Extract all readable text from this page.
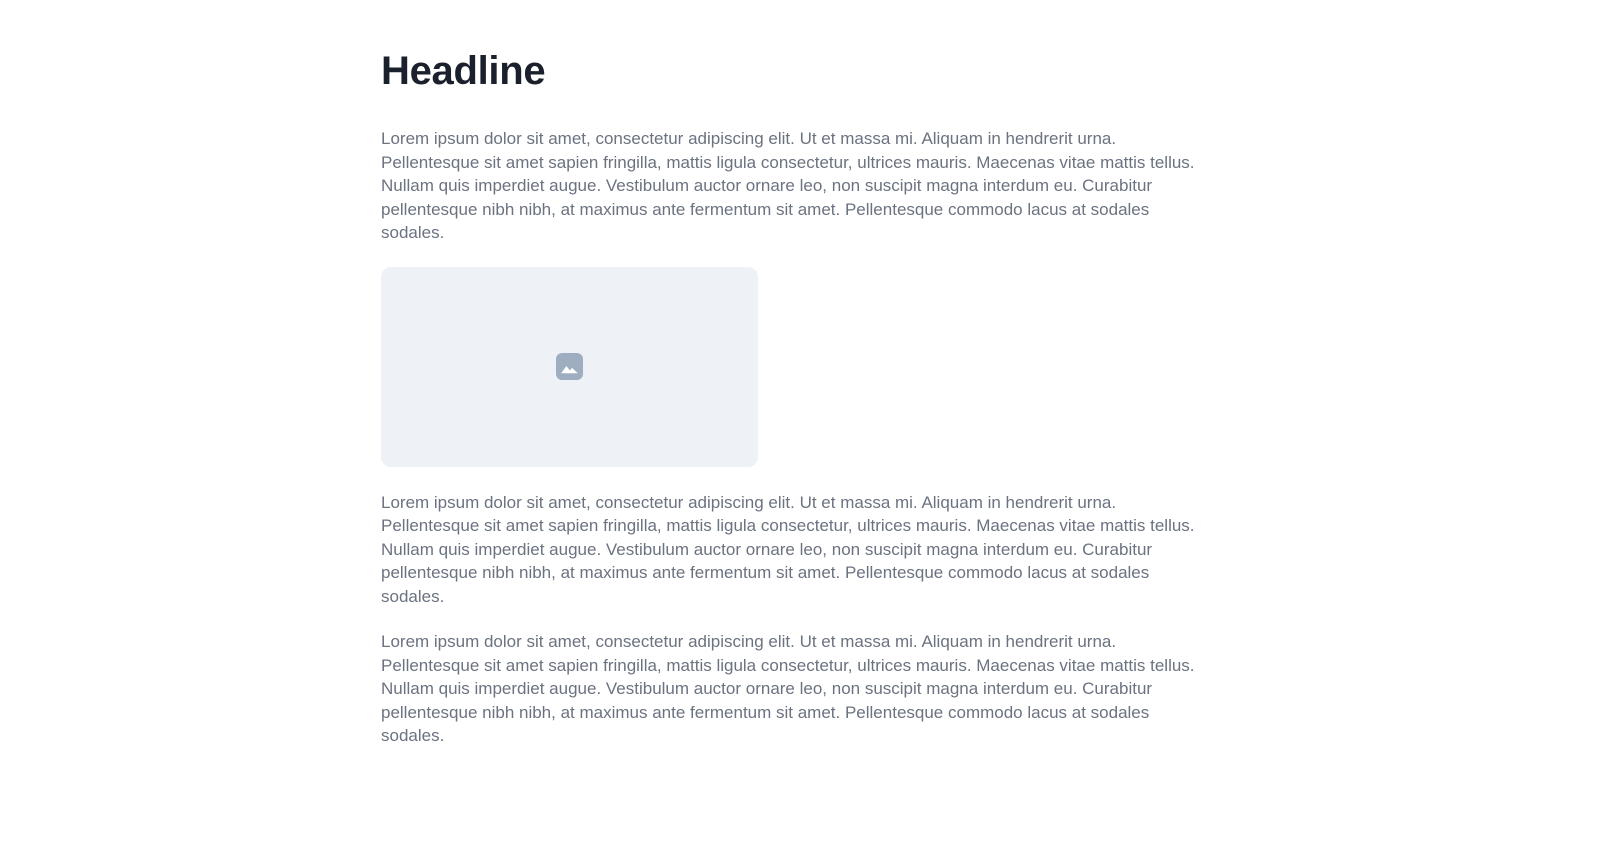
Headline

Lorem ipsum dolor sit amet, consectetur adipiscing elit. Ut et massa mi. Aliquam in hendrerit urna. Pellentesque sit amet sapien fringilla, mattis ligula consectetur, ultrices mauris. Maecenas vitae mattis tellus. Nullam quis imperdiet augue. Vestibulum auctor ornare leo, non suscipit magna interdum eu. Curabitur pellentesque nibh nibh, at maximus ante fermentum sit amet. Pellentesque commodo lacus at sodales sodales.

Lorem ipsum dolor sit amet, consectetur adipiscing elit. Ut et massa mi. Aliquam in hendrerit urna. Pellentesque sit amet sapien fringilla, mattis ligula consectetur, ultrices mauris. Maecenas vitae mattis tellus. Nullam quis imperdiet augue. Vestibulum auctor ornare leo, non suscipit magna interdum eu. Curabitur pellentesque nibh nibh, at maximus ante fermentum sit amet. Pellentesque commodo lacus at sodales sodales.

Lorem ipsum dolor sit amet, consectetur adipiscing elit. Ut et massa mi. Aliquam in hendrerit urna. Pellentesque sit amet sapien fringilla, mattis ligula consectetur, ultrices mauris. Maecenas vitae mattis tellus. Nullam quis imperdiet augue. Vestibulum auctor ornare leo, non suscipit magna interdum eu. Curabitur pellentesque nibh nibh, at maximus ante fermentum sit amet. Pellentesque commodo lacus at sodales sodales.
